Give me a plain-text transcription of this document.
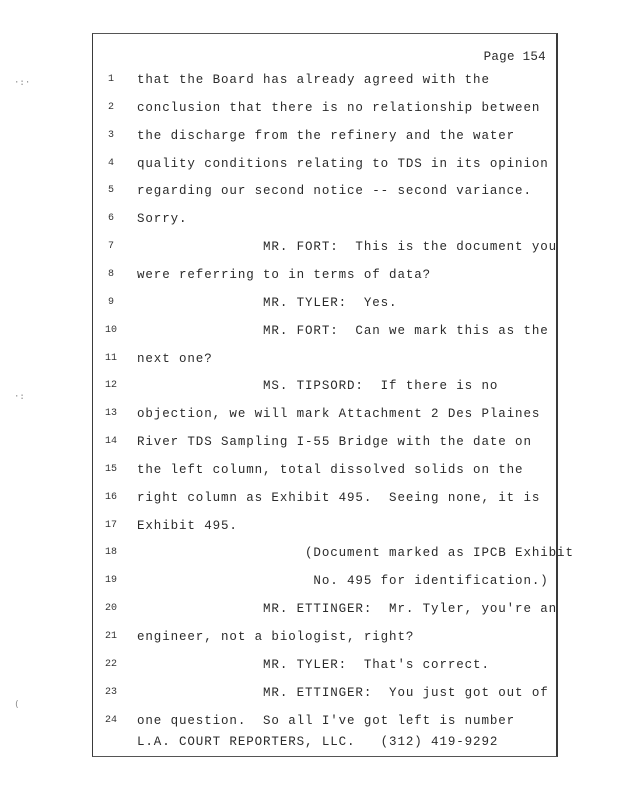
·:·
·:
(
Page 154
1	that the Board has already agreed with the
2	conclusion that there is no relationship between
3	the discharge from the refinery and the water
4	quality conditions relating to TDS in its opinion
5	regarding our second notice -- second variance.
6	Sorry.
7	MR. FORT:  This is the document you
8	were referring to in terms of data?
9	MR. TYLER:  Yes.
10	MR. FORT:  Can we mark this as the
11	next one?
12	MS. TIPSORD:  If there is no
13	objection, we will mark Attachment 2 Des Plaines
14	River TDS Sampling I-55 Bridge with the date on
15	the left column, total dissolved solids on the
16	right column as Exhibit 495.  Seeing none, it is
17	Exhibit 495.
18	(Document marked as IPCB Exhibit
19	No. 495 for identification.)
20	MR. ETTINGER:  Mr. Tyler, you're an
21	engineer, not a biologist, right?
22	MR. TYLER:  That's correct.
23	MR. ETTINGER:  You just got out of
24	one question.  So all I've got left is number
L.A. COURT REPORTERS, LLC.   (312) 419-9292
